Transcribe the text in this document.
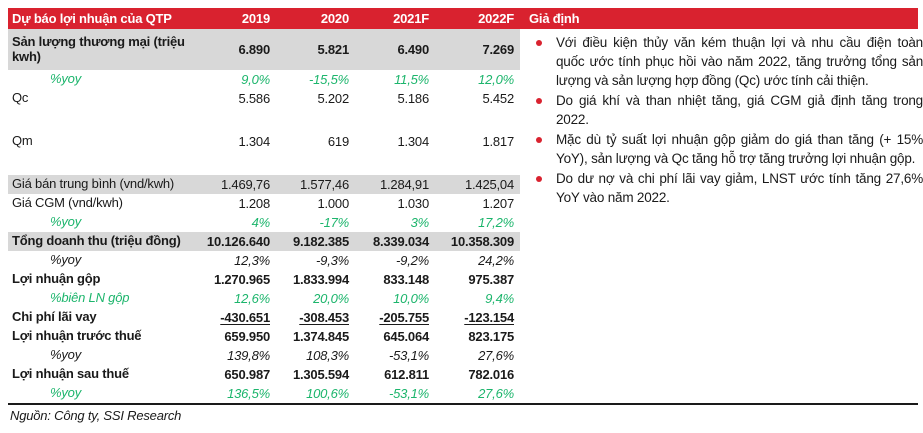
Dự báo lợi nhuận của QTP	2019	2020	2021F	2022F	Giả định
Sản lượng thương mại (triệu kwh)	6.890	5.821	6.490	7.269
%yoy	9,0%	-15,5%	11,5%	12,0%
Qc	5.586	5.202	5.186	5.452
Qm	1.304	619	1.304	1.817
Giá bán trung bình (vnd/kwh)	1.469,76	1.577,46	1.284,91	1.425,04
Giá CGM (vnd/kwh)	1.208	1.000	1.030	1.207
%yoy	4%	-17%	3%	17,2%
Tổng doanh thu (triệu đồng)	10.126.640	9.182.385	8.339.034	10.358.309
%yoy	12,3%	-9,3%	-9,2%	24,2%
Lợi nhuận gộp	1.270.965	1.833.994	833.148	975.387
%biên LN gộp	12,6%	20,0%	10,0%	9,4%
Chi phí lãi vay	-430.651	-308.453	-205.755	-123.154
Lợi nhuận trước thuế	659.950	1.374.845	645.064	823.175
%yoy	139,8%	108,3%	-53,1%	27,6%
Lợi nhuận sau thuế	650.987	1.305.594	612.811	782.016
%yoy	136,5%	100,6%	-53,1%	27,6%
Với điều kiện thủy văn kém thuận lợi và nhu cầu điện toàn quốc ước tính phục hồi vào năm 2022, tăng trưởng tổng sản lượng và sản lượng hợp đồng (Qc) ước tính cải thiện.
Do giá khí và than nhiệt tăng, giá CGM giả định tăng trong 2022.
Mặc dù tỷ suất lợi nhuận gộp giảm do giá than tăng (+ 15% YoY), sản lượng và Qc tăng hỗ trợ tăng trưởng lợi nhuận gộp.
Do dư nợ và chi phí lãi vay giảm, LNST ước tính tăng 27,6% YoY vào năm 2022.
Nguồn: Công ty, SSI Research
